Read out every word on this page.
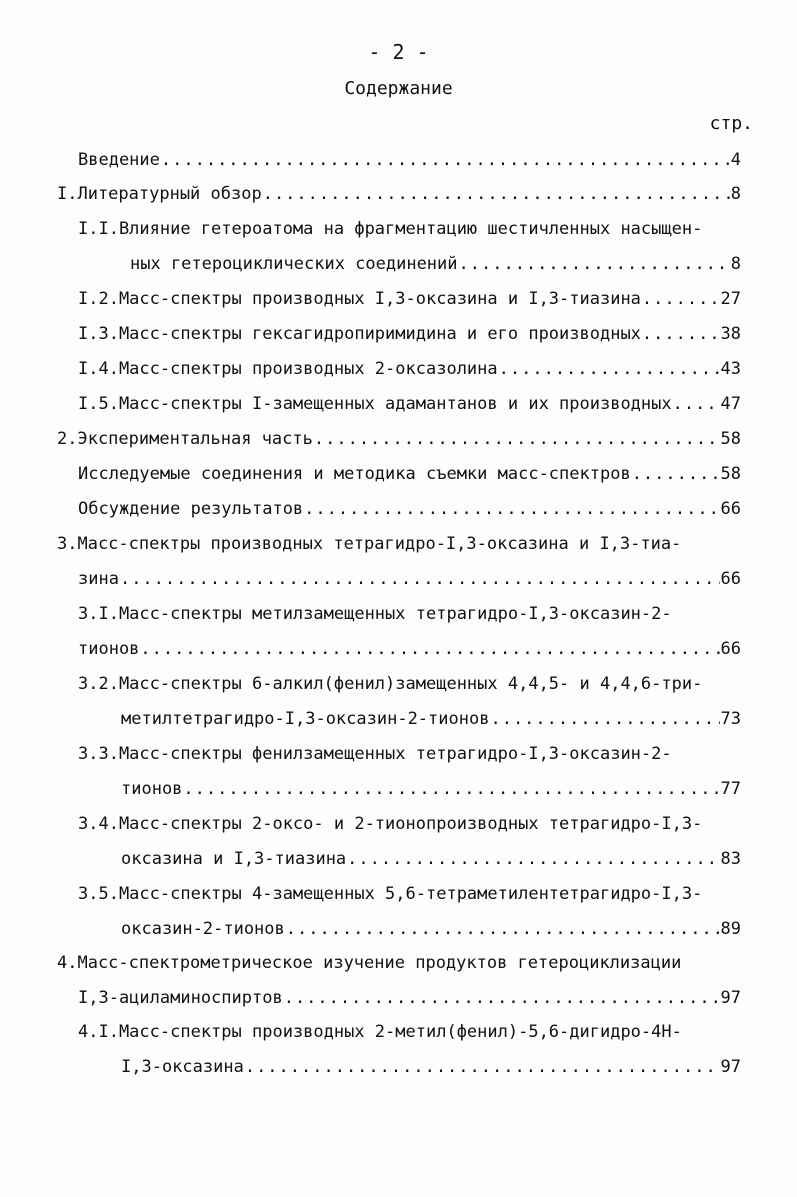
- 2 -
Содержание
стр.
Введение .....	4
I.Литературный обзор .....	8
I.I.Влияние гетероатома на фрагментацию шестичленных насыщен-
ных гетероциклических соединений .....	8
I.2.Масс-спектры производных I,3-оксазина и I,3-тиазина .....	27
I.3.Масс-спектры гексагидропиримидина и его производных .....	38
I.4.Масс-спектры производных 2-оксазолина .....	43
I.5.Масс-спектры I-замещенных адамантанов и их производных .....	47
2.Экспериментальная часть .....	58
Исследуемые соединения и методика съемки масс-спектров .....	58
Обсуждение результатов .....	66
3.Масс-спектры производных тетрагидро-I,3-оксазина и I,3-тиа-
зина .....	66
3.I.Масс-спектры метилзамещенных тетрагидро-I,3-оксазин-2-
тионов .....	66
3.2.Масс-спектры 6-алкил(фенил)замещенных 4,4,5- и 4,4,6-три-
метилтетрагидро-I,3-оксазин-2-тионов .....	73
3.3.Масс-спектры фенилзамещенных тетрагидро-I,3-оксазин-2-
тионов .....	77
3.4.Масс-спектры 2-оксо- и 2-тионопроизводных тетрагидро-I,3-
оксазина и I,3-тиазина .....	83
3.5.Масс-спектры 4-замещенных 5,6-тетраметилентетрагидро-I,3-
оксазин-2-тионов .....	89
4.Масс-спектрометрическое изучение продуктов гетероциклизации
I,3-ациламиноспиртов .....	97
4.I.Масс-спектры производных 2-метил(фенил)-5,6-дигидро-4Н-
I,3-оксазина .....	97
